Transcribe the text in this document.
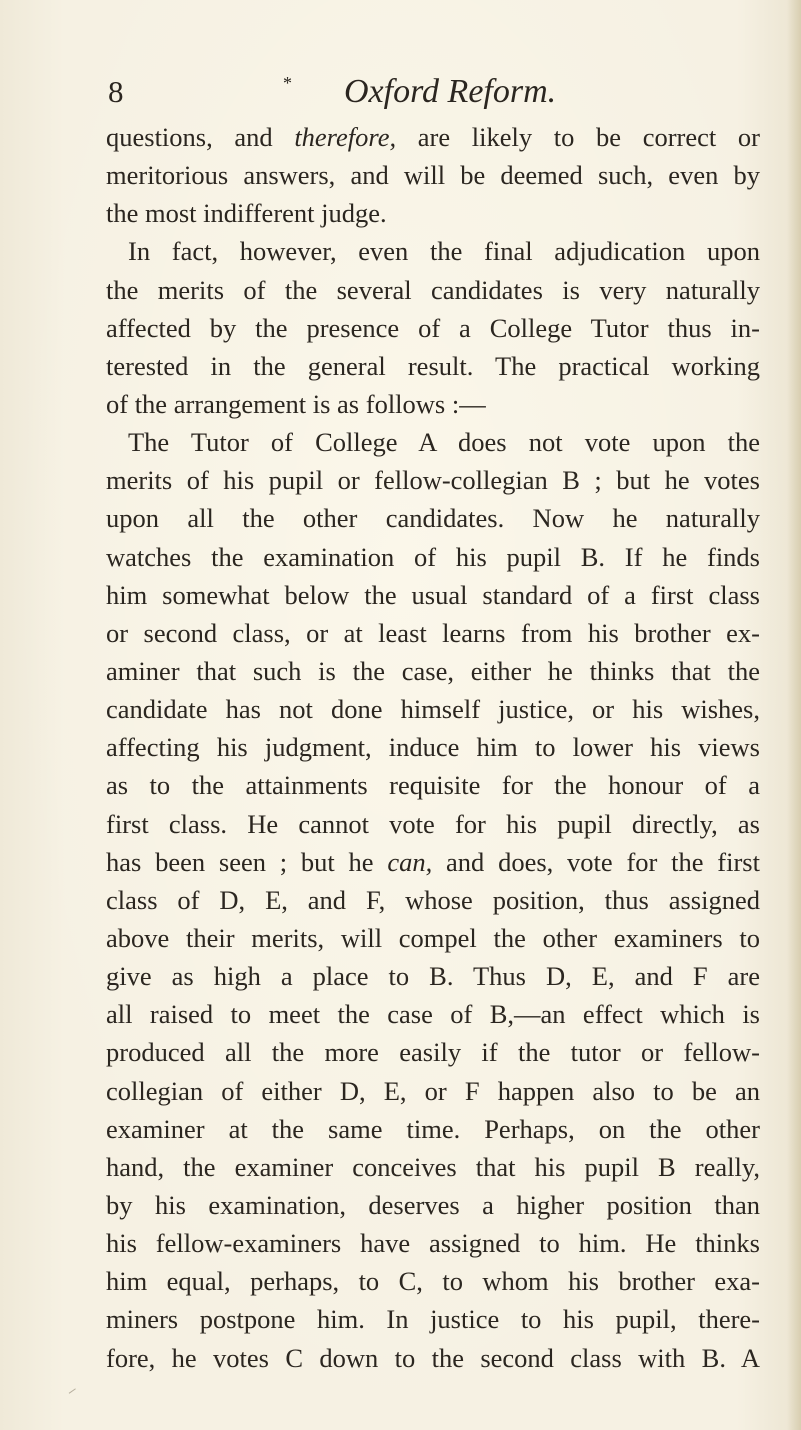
8	* Oxford Reform.
questions, and therefore, are likely to be correct or
meritorious answers, and will be deemed such, even by
the most indifferent judge.
In fact, however, even the final adjudication upon
the merits of the several candidates is very naturally
affected by the presence of a College Tutor thus in-
terested in the general result. The practical working
of the arrangement is as follows :—
The Tutor of College A does not vote upon the
merits of his pupil or fellow-collegian B ; but he votes
upon all the other candidates. Now he naturally
watches the examination of his pupil B. If he finds
him somewhat below the usual standard of a first class
or second class, or at least learns from his brother ex-
aminer that such is the case, either he thinks that the
candidate has not done himself justice, or his wishes,
affecting his judgment, induce him to lower his views
as to the attainments requisite for the honour of a
first class. He cannot vote for his pupil directly, as
has been seen ; but he can, and does, vote for the first
class of D, E, and F, whose position, thus assigned
above their merits, will compel the other examiners to
give as high a place to B. Thus D, E, and F are
all raised to meet the case of B,—an effect which is
produced all the more easily if the tutor or fellow-
collegian of either D, E, or F happen also to be an
examiner at the same time. Perhaps, on the other
hand, the examiner conceives that his pupil B really,
by his examination, deserves a higher position than
his fellow-examiners have assigned to him. He thinks
him equal, perhaps, to C, to whom his brother exa-
miners postpone him. In justice to his pupil, there-
fore, he votes C down to the second class with B. A
